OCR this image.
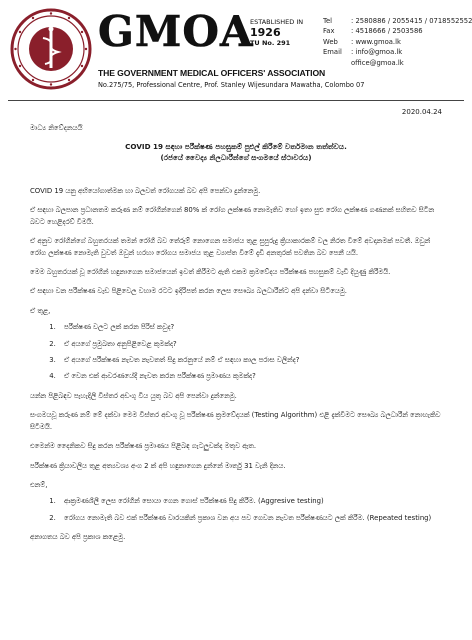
GMOA
ESTABLISHED IN
1926
TU No. 291
THE GOVERNMENT MEDICAL OFFICERS' ASSOCIATION
No.275/75, Professional Centre, Prof. Stanley Wijesundara Mawatha, Colombo 07
Tel	: 2580886 / 2055415 / 0718552552
Fax : 4518666 / 2503586
Web : www.gmoa.lk
Email : info@gmoa.lk
office@gmoa.lk
2020.04.24
මාධ්‍ය නිවේදනයයි
COVID 19 සඳහා පරීක්ෂණ පහසුකම් පුළුල් කිරීමේ වර්තමාන තත්ත්වය.
(රජයේ වෛද්‍ය නිලධාරීන්ගේ සංගමයේ ස්ථාවරය)

COVID 19 යනු අභියෝගාත්මක හා බලවත් රෝගයක් බව අපි පෙන්වා දුන්නෙමු.

ඒ සඳහා බලපාන ප්‍රධානතම කරුණ නම් රෝගීන්ගෙන් 80% ක් රෝග ලක්ෂණ නොමැතිව හෝ ඉතා සුළු රෝග ලක්ෂණ ගණනක් සහිතව සිටින බවට හෙළිදරව් වීමයි.

ඒ අනුව රෝගීන්ගේ බහුතරයක් තමන් රෝගී බව තේරුම් නොගෙන සමාජය තුළ සුපුරුදු ක්‍රියාකාරකම් වල නිරත වීමේ අවදානමක් පවතී. ඔවුන් රෝග ලක්ෂණ නොමැති වුවත් ඔවුන් හරහා රෝගය සමාජය තුළ ව්‍යාප්ත වීමේ දැඩි අනතුරක් පවතින බව පෙනී යයි.

මෙම බහුතරයක් වූ රෝගීන් හඳුනාගෙන සමාජයෙන් ඉවත් කිරීමට ඇති එකම ක්‍රමවේදය පරීක්ෂණ පහසුකම් වැඩි දියුණු කිරීමයි.

ඒ සඳහා වන පරීක්ෂණ වැඩ පිළිවෙල වහාම රටට ඉදිරිපත් කරන ලෙස සෞඛ්‍ය බලධාරීන්ට අපි දන්වා සිටියෙමු.

ඒ තුළ,

1. පරීක්ෂණ වලට ලක් කරන පිරිස් කවුද?
2. ඒ අයගේ ප්‍රමුඛතා අනුපිළිවෙළ කුමක්ද?
3. ඒ අයගේ පරීක්ෂණ නැවත නැවතත් සිදු කරනුයේ නම් ඒ සඳහා කාල පරාස වලින්ද?
4. ඒ වෙන එක් ආවරණයේදී නැවත කරන පරීක්ෂණ ප්‍රමාණය කුමක්ද?

යන්න පිළිබඳව පැහැදිලි විස්තර අඩංගු විය යුතු බව අපි පෙන්වා දුන්නෙමු.

සංගමයවූ කරුණ නම් මේ දක්වා මෙම විස්තර අඩංගු වූ පරීක්ෂණ ක්‍රමවේදයක් (Testing Algorithm) එළි දැක්වීමට සෞඛ්‍ය බලධාරීන් නොහැකිව සිටීමයි.

එමෙන්ම දෛනිකව සිදු කරන පරීක්ෂණ ප්‍රමාණය පිළිබඳ ගැටලුවක්ද මතුව ඇත.

පරීක්ෂණ ක්‍රියාවලිය තුළ අත්‍යවශ්‍ය අංග 2 ක් අපි හඳුනාගෙන දුන්නේ මාර්තු 31 වැනි දිනය.

එනම්,

1. ආක්‍රමණශීලී ලෙස රෝගීන් සොයා ගෙන ගොස් පරීක්ෂණ සිදු කිරීම. (Aggresive testing)
2. රෝගය නොමැති බව එක් පරීක්ෂණ වාරයකින් ප්‍රකාශ වන අය පව ගෙවන නැවත පරීක්ෂණයට ලක් කිරීම. (Repeated testing)

අනාගතය බව අපි ප්‍රකාශ කළෙමු.
